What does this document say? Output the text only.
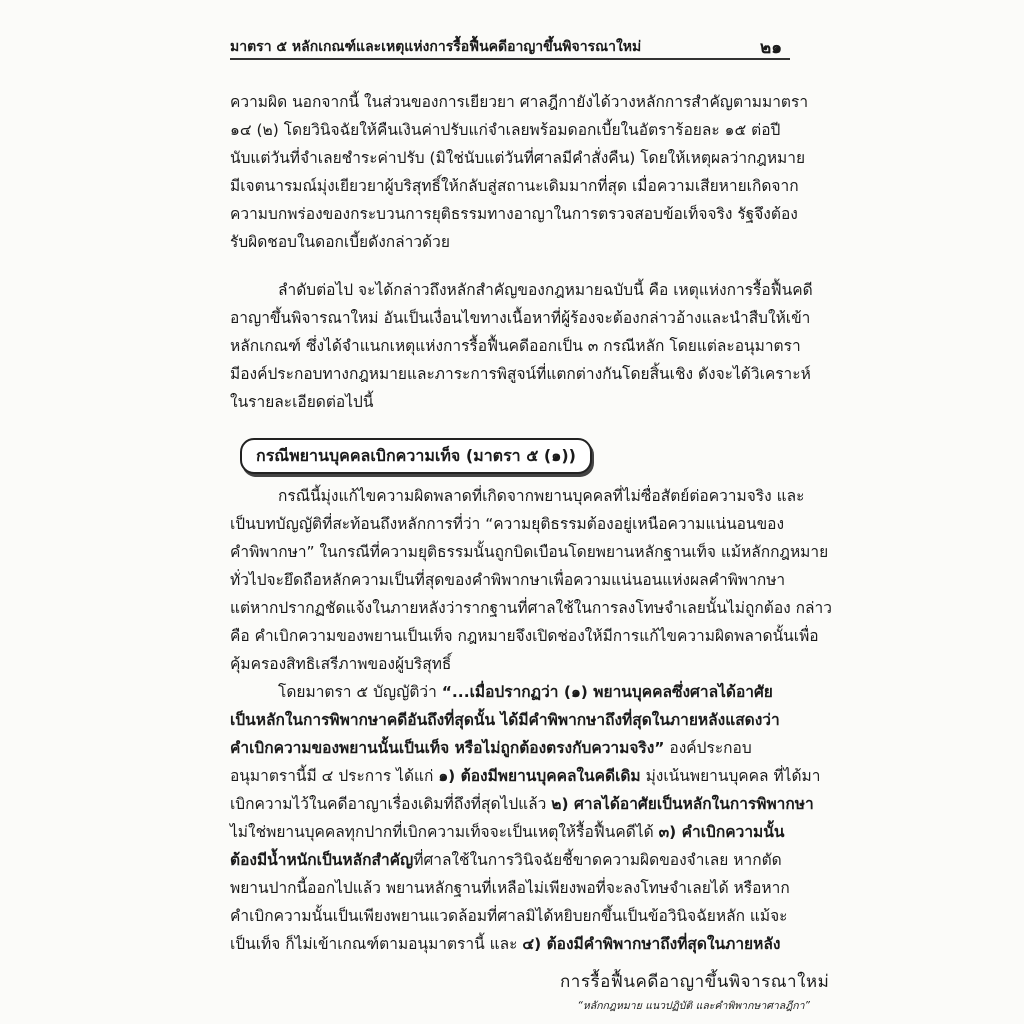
มาตรา ๕ หลักเกณฑ์และเหตุแห่งการรื้อฟื้นคดีอาญาขึ้นพิจารณาใหม่	๒๑
ความผิด นอกจากนี้ ในส่วนของการเยียวยา ศาลฎีกายังได้วางหลักการสำคัญตามมาตรา
๑๔ (๒) โดยวินิจฉัยให้คืนเงินค่าปรับแก่จำเลยพร้อมดอกเบี้ยในอัตราร้อยละ ๑๕ ต่อปี
นับแต่วันที่จำเลยชำระค่าปรับ (มิใช่นับแต่วันที่ศาลมีคำสั่งคืน) โดยให้เหตุผลว่ากฎหมาย
มีเจตนารมณ์มุ่งเยียวยาผู้บริสุทธิ์ให้กลับสู่สถานะเดิมมากที่สุด เมื่อความเสียหายเกิดจาก
ความบกพร่องของกระบวนการยุติธรรมทางอาญาในการตรวจสอบข้อเท็จจริง รัฐจึงต้อง
รับผิดชอบในดอกเบี้ยดังกล่าวด้วย
ลำดับต่อไป จะได้กล่าวถึงหลักสำคัญของกฎหมายฉบับนี้ คือ เหตุแห่งการรื้อฟื้นคดี
อาญาขึ้นพิจารณาใหม่ อันเป็นเงื่อนไขทางเนื้อหาที่ผู้ร้องจะต้องกล่าวอ้างและนำสืบให้เข้า
หลักเกณฑ์ ซึ่งได้จำแนกเหตุแห่งการรื้อฟื้นคดีออกเป็น ๓ กรณีหลัก โดยแต่ละอนุมาตรา
มีองค์ประกอบทางกฎหมายและภาระการพิสูจน์ที่แตกต่างกันโดยสิ้นเชิง ดังจะได้วิเคราะห์
ในรายละเอียดต่อไปนี้
กรณีพยานบุคคลเบิกความเท็จ (มาตรา ๕ (๑))
กรณีนี้มุ่งแก้ไขความผิดพลาดที่เกิดจากพยานบุคคลที่ไม่ซื่อสัตย์ต่อความจริง และ
เป็นบทบัญญัติที่สะท้อนถึงหลักการที่ว่า “ความยุติธรรมต้องอยู่เหนือความแน่นอนของ
คำพิพากษา” ในกรณีที่ความยุติธรรมนั้นถูกบิดเบือนโดยพยานหลักฐานเท็จ แม้หลักกฎหมาย
ทั่วไปจะยึดถือหลักความเป็นที่สุดของคำพิพากษาเพื่อความแน่นอนแห่งผลคำพิพากษา
แต่หากปรากฏชัดแจ้งในภายหลังว่ารากฐานที่ศาลใช้ในการลงโทษจำเลยนั้นไม่ถูกต้อง กล่าว
คือ คำเบิกความของพยานเป็นเท็จ กฎหมายจึงเปิดช่องให้มีการแก้ไขความผิดพลาดนั้นเพื่อ
คุ้มครองสิทธิเสรีภาพของผู้บริสุทธิ์
โดยมาตรา ๕ บัญญัติว่า “...เมื่อปรากฏว่า (๑) พยานบุคคลซึ่งศาลได้อาศัย
เป็นหลักในการพิพากษาคดีอันถึงที่สุดนั้น ได้มีคำพิพากษาถึงที่สุดในภายหลังแสดงว่า
คำเบิกความของพยานนั้นเป็นเท็จ หรือไม่ถูกต้องตรงกับความจริง” องค์ประกอบ
อนุมาตรานี้มี ๔ ประการ ได้แก่ ๑) ต้องมีพยานบุคคลในคดีเดิม มุ่งเน้นพยานบุคคล ที่ได้มา
เบิกความไว้ในคดีอาญาเรื่องเดิมที่ถึงที่สุดไปแล้ว ๒) ศาลได้อาศัยเป็นหลักในการพิพากษา
ไม่ใช่พยานบุคคลทุกปากที่เบิกความเท็จจะเป็นเหตุให้รื้อฟื้นคดีได้ ๓) คำเบิกความนั้น
ต้องมีน้ำหนักเป็นหลักสำคัญที่ศาลใช้ในการวินิจฉัยชี้ขาดความผิดของจำเลย หากตัด
พยานปากนี้ออกไปแล้ว พยานหลักฐานที่เหลือไม่เพียงพอที่จะลงโทษจำเลยได้ หรือหาก
คำเบิกความนั้นเป็นเพียงพยานแวดล้อมที่ศาลมิได้หยิบยกขึ้นเป็นข้อวินิจฉัยหลัก แม้จะ
เป็นเท็จ ก็ไม่เข้าเกณฑ์ตามอนุมาตรานี้ และ ๔) ต้องมีคำพิพากษาถึงที่สุดในภายหลัง
การรื้อฟื้นคดีอาญาขึ้นพิจารณาใหม่
“หลักกฎหมาย แนวปฏิบัติ และคำพิพากษาศาลฎีกา”
